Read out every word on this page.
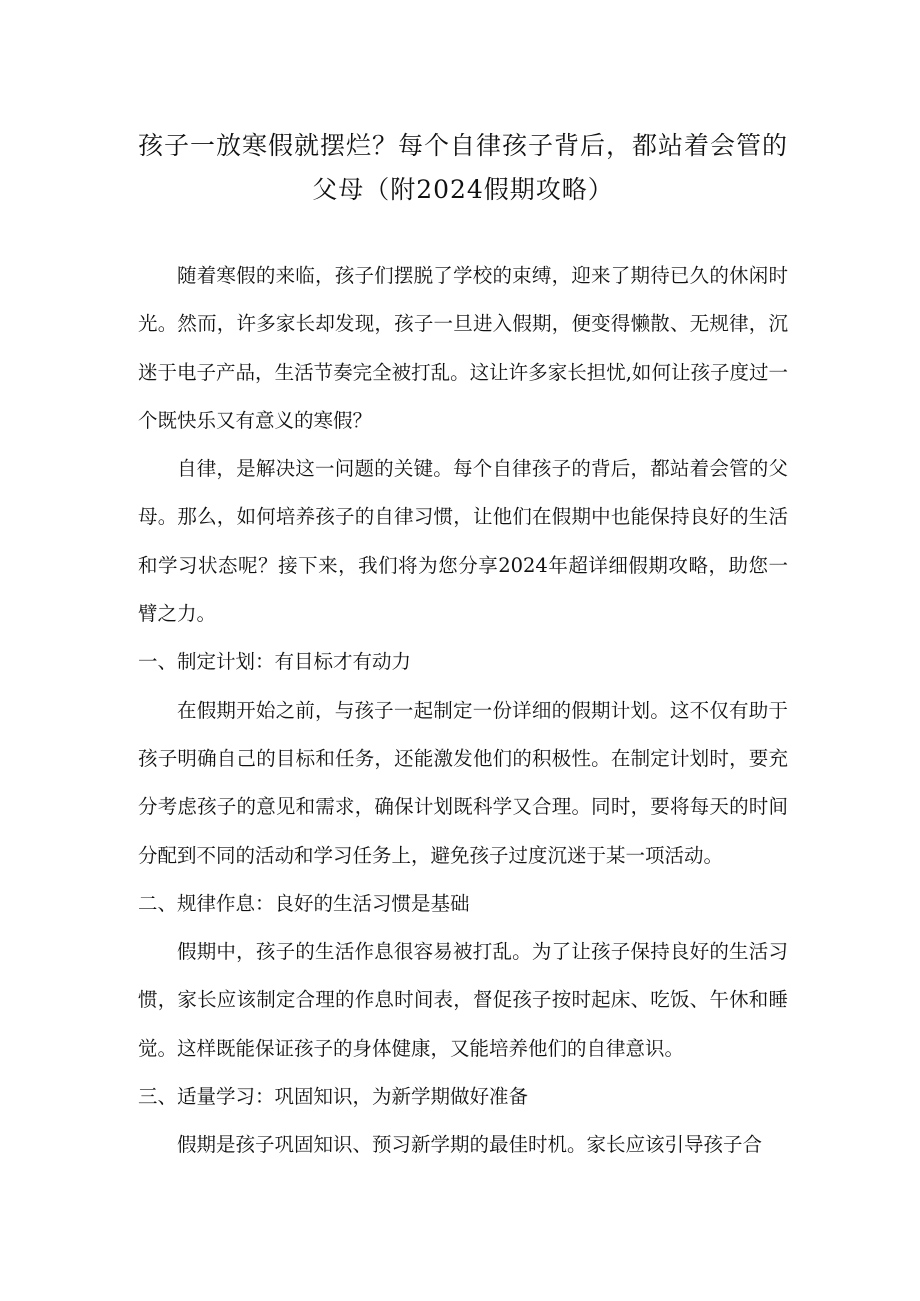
孩子一放寒假就摆烂？每个自律孩子背后，都站着会管的父母（附2024假期攻略）

随着寒假的来临，孩子们摆脱了学校的束缚，迎来了期待已久的休闲时光。然而，许多家长却发现，孩子一旦进入假期，便变得懒散、无规律，沉迷于电子产品，生活节奏完全被打乱。这让许多家长担忧,如何让孩子度过一个既快乐又有意义的寒假？

自律，是解决这一问题的关键。每个自律孩子的背后，都站着会管的父母。那么，如何培养孩子的自律习惯，让他们在假期中也能保持良好的生活和学习状态呢？接下来，我们将为您分享2024年超详细假期攻略，助您一臂之力。

一、制定计划：有目标才有动力

在假期开始之前，与孩子一起制定一份详细的假期计划。这不仅有助于孩子明确自己的目标和任务，还能激发他们的积极性。在制定计划时，要充分考虑孩子的意见和需求，确保计划既科学又合理。同时，要将每天的时间分配到不同的活动和学习任务上，避免孩子过度沉迷于某一项活动。

二、规律作息：良好的生活习惯是基础

假期中，孩子的生活作息很容易被打乱。为了让孩子保持良好的生活习惯，家长应该制定合理的作息时间表，督促孩子按时起床、吃饭、午休和睡觉。这样既能保证孩子的身体健康，又能培养他们的自律意识。

三、适量学习：巩固知识，为新学期做好准备

假期是孩子巩固知识、预习新学期的最佳时机。家长应该引导孩子合
